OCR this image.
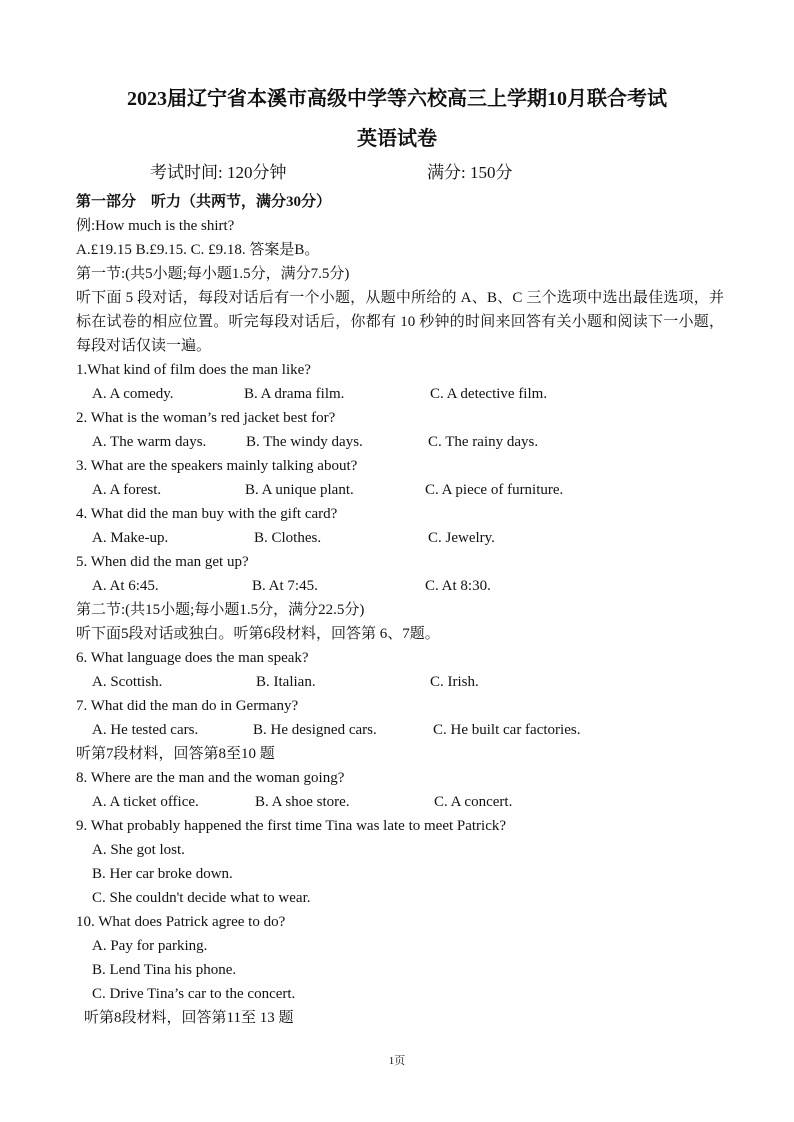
2023届辽宁省本溪市高级中学等六校高三上学期10月联合考试
英语试卷
考试时间: 120分钟	满分: 150分
第一部分　听力（共两节，满分30分）
例:How much is the shirt?
A.£19.15 B.£9.15. C. £9.18. 答案是B。
第一节:(共5小题;每小题1.5分，满分7.5分)
听下面 5 段对话，每段对话后有一个小题，从题中所给的 A、B、C 三个选项中选出最佳选项，并标在试卷的相应位置。听完每段对话后，你都有 10 秒钟的时间来回答有关小题和阅读下一小题，每段对话仅读一遍。
1.What kind of film does the man like?
A. A comedy.	B. A drama film.	C. A detective film.
2. What is the woman’s red jacket best for?
A. The warm days.	B. The windy days.	C. The rainy days.
3. What are the speakers mainly talking about?
A. A forest.	B. A unique plant.	C. A piece of furniture.
4. What did the man buy with the gift card?
A. Make-up.	B. Clothes.	C. Jewelry.
5. When did the man get up?
A. At 6:45.	B. At 7:45.	C. At 8:30.
第二节:(共15小题;每小题1.5分，满分22.5分)
听下面5段对话或独白。听第6段材料，回答第 6、7题。
6. What language does the man speak?
A. Scottish.	B. Italian.	C. Irish.
7. What did the man do in Germany?
A. He tested cars.	B. He designed cars.	C. He built car factories.
听第7段材料，回答第8至10 题
8. Where are the man and the woman going?
A. A ticket office.	B. A shoe store.	C. A concert.
9. What probably happened the first time Tina was late to meet Patrick?
A. She got lost.
B. Her car broke down.
C. She couldn't decide what to wear.
10. What does Patrick agree to do?
A. Pay for parking.
B. Lend Tina his phone.
C. Drive Tina’s car to the concert.
听第8段材料，回答第11至 13 题
1页
